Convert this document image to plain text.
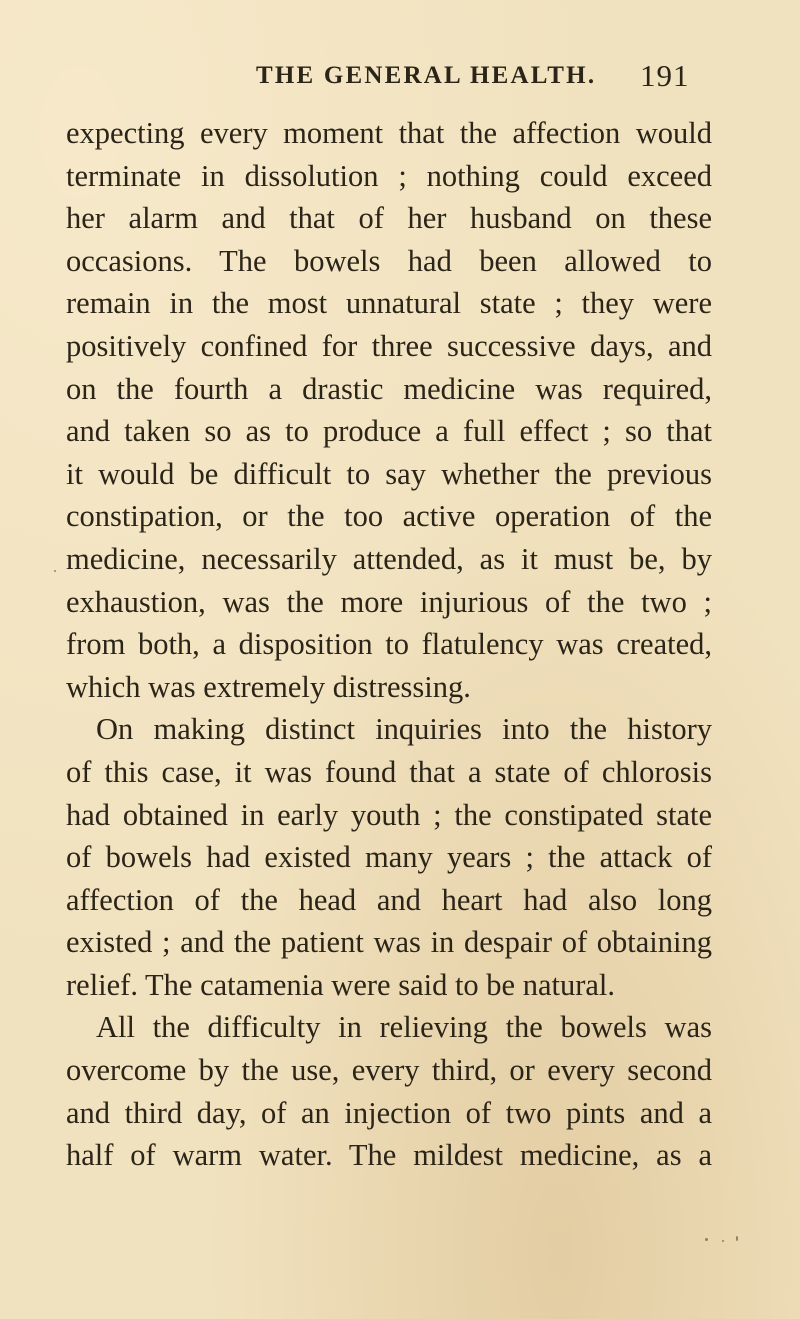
THE GENERAL HEALTH. 191
expecting every moment that the affection would
terminate in dissolution ; nothing could exceed
her alarm and that of her husband on these
occasions. The bowels had been allowed to
remain in the most unnatural state ; they were
positively confined for three successive days, and
on the fourth a drastic medicine was required,
and taken so as to produce a full effect ; so that
it would be difficult to say whether the previous
constipation, or the too active operation of the
medicine, necessarily attended, as it must be, by
exhaustion, was the more injurious of the two ;
from both, a disposition to flatulency was created,
which was extremely distressing.
On making distinct inquiries into the history
of this case, it was found that a state of chlorosis
had obtained in early youth ; the constipated state
of bowels had existed many years ; the attack of
affection of the head and heart had also long
existed ; and the patient was in despair of obtaining
relief. The catamenia were said to be natural.
All the difficulty in relieving the bowels was
overcome by the use, every third, or every second
and third day, of an injection of two pints and a
half of warm water. The mildest medicine, as a
